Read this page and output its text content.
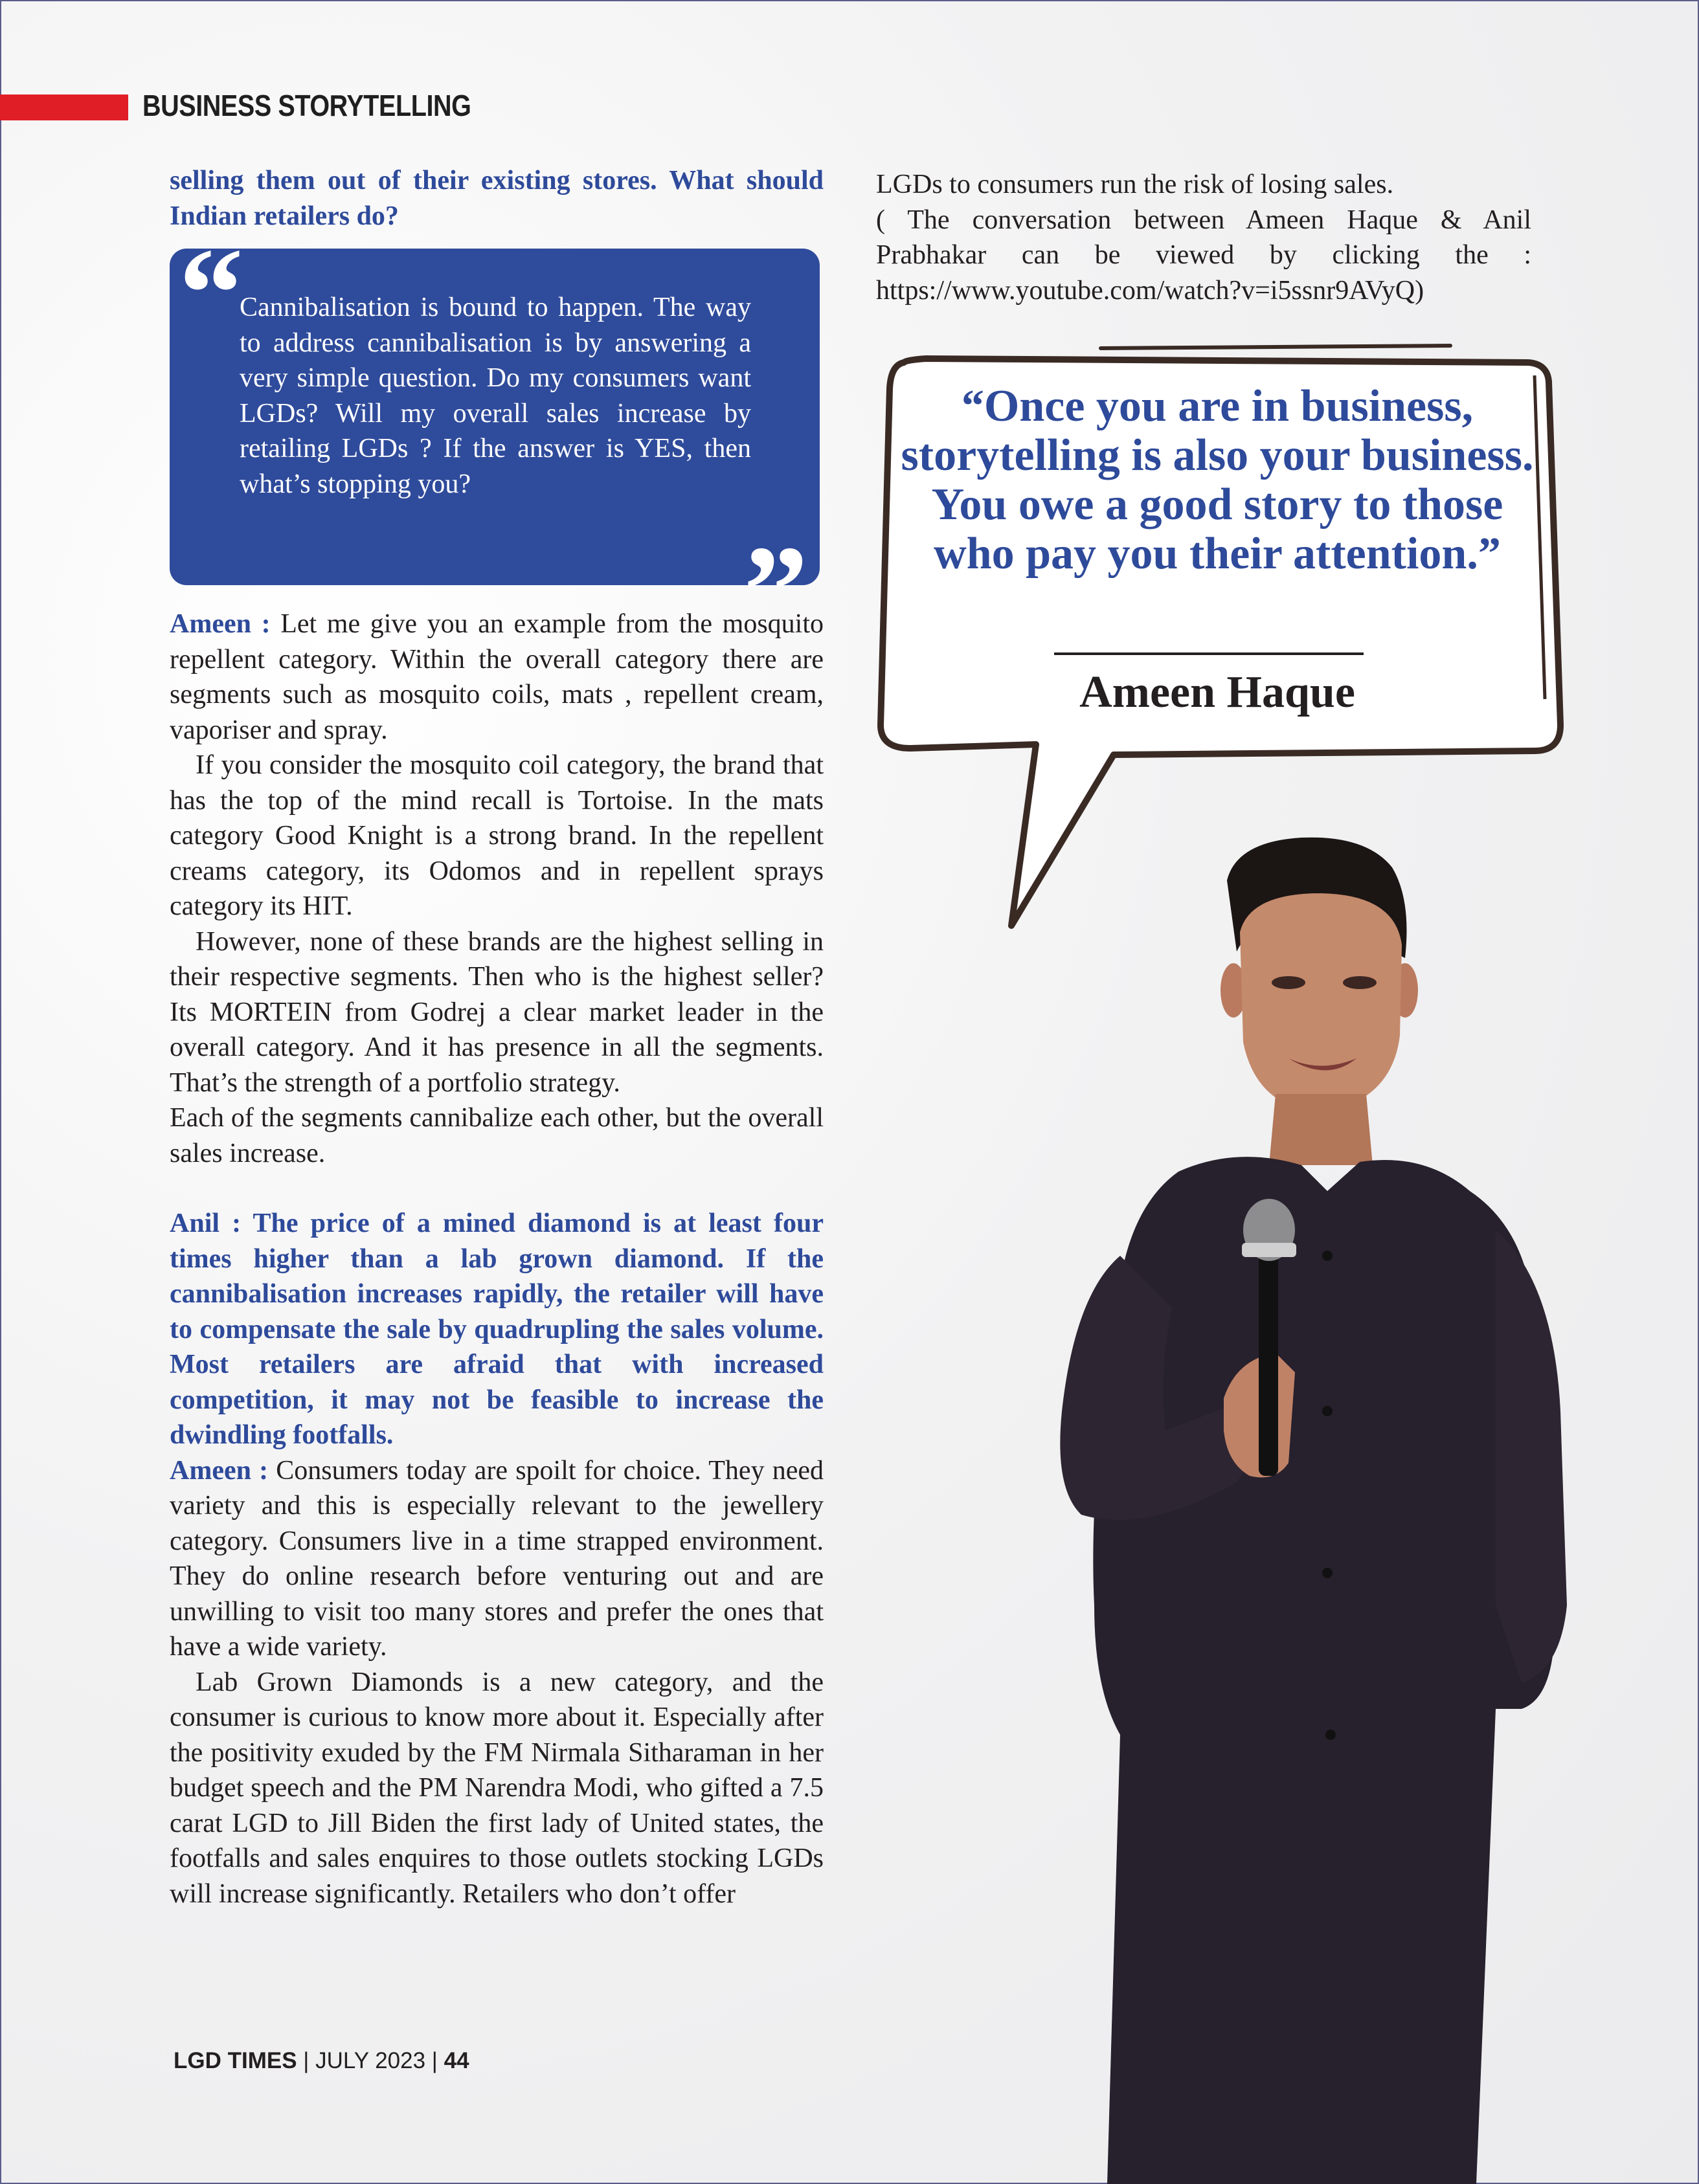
BUSINESS STORYTELLING

selling them out of their existing stores. What should Indian retailers do?

“

Cannibalisation is bound to happen. The way to address cannibalisation is by answering a very simple question. Do my consumers want LGDs? Will my overall sales increase by retailing LGDs ? If the answer is YES, then what’s stopping you?

”

Ameen : Let me give you an example from the mosquito repellent category. Within the overall category there are segments such as mosquito coils, mats , repellent cream, vaporiser and spray.

If you consider the mosquito coil category, the brand that has the top of the mind recall is Tortoise. In the mats category Good Knight is a strong brand. In the repellent creams category, its Odomos and in repellent sprays category its HIT.

However, none of these brands are the highest selling in their respective segments. Then who is the highest seller? Its MORTEIN from Godrej a clear market leader in the overall category. And it has presence in all the segments. That’s the strength of a portfolio strategy.

Each of the segments cannibalize each other, but the overall sales increase.

Anil : The price of a mined diamond is at least four times higher than a lab grown diamond. If the cannibalisation increases rapidly, the retailer will have to compensate the sale by quadrupling the sales volume. Most retailers are afraid that with increased competition, it may not be feasible to increase the dwindling footfalls.

Ameen : Consumers today are spoilt for choice. They need variety and this is especially relevant to the jewellery category. Consumers live in a time strapped environment. They do online research before venturing out and are unwilling to visit too many stores and prefer the ones that have a wide variety.

Lab Grown Diamonds is a new category, and the consumer is curious to know more about it. Especially after the positivity exuded by the FM Nirmala Sitharaman in her budget speech and the PM Narendra Modi, who gifted a 7.5 carat LGD to Jill Biden the first lady of United states, the footfalls and sales enquires to those outlets stocking LGDs will increase significantly. Retailers who don’t offer

LGDs to consumers run the risk of losing sales.

( The conversation between Ameen Haque & Anil Prabhakar can be viewed by clicking the : https://www.youtube.com/watch?v=i5ssnr9AVyQ)

“Once you are in business, storytelling is also your business. You owe a good story to those who pay you their attention.”

Ameen Haque

LGD TIMES | JULY 2023 | 44
